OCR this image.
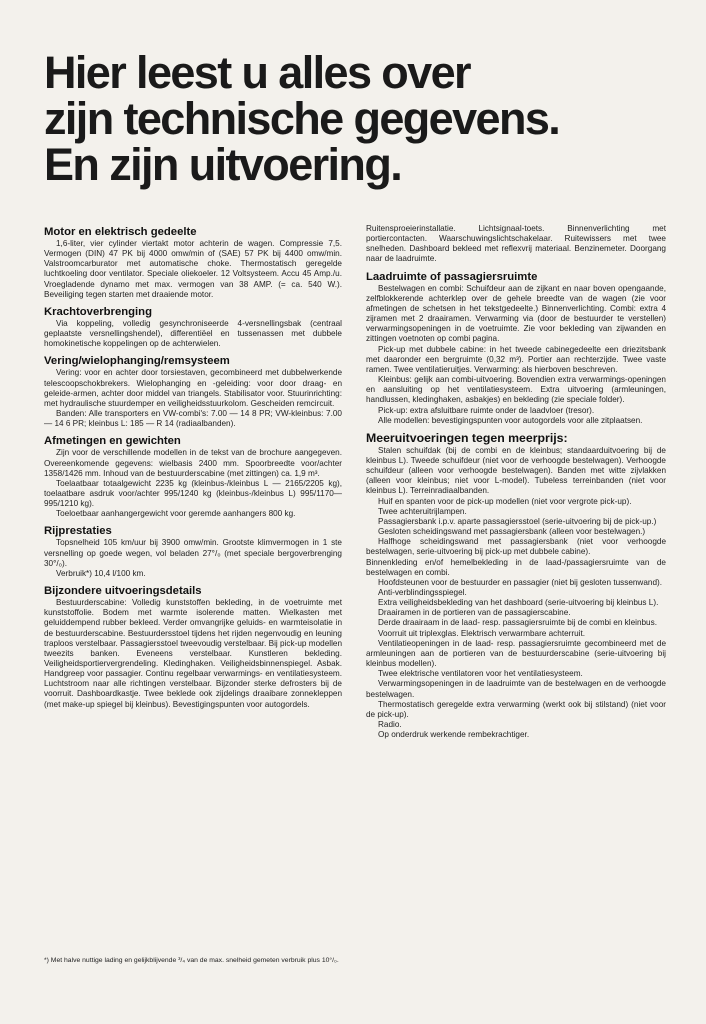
Hier leest u alles over
zijn technische gegevens.
En zijn uitvoering.
Motor en elektrisch gedeelte

1,6-liter, vier cylinder viertakt motor achterin de wagen. Compressie 7,5. Vermogen (DIN) 47 PK bij 4000 omw/min of (SAE) 57 PK bij 4400 omw/min. Valstroomcarburator met automatische choke. Thermostatisch geregelde luchtkoeling door ventilator. Speciale oliekoeler. 12 Voltsysteem. Accu 45 Amp./u. Vroegladende dynamo met max. vermogen van 38 AMP. (= ca. 540 W.). Beveiliging tegen starten met draaiende motor.

Krachtoverbrenging

Via koppeling, volledig gesynchroniseerde 4-versnellingsbak (centraal geplaatste versnellingshendel), differentiëel en tussenassen met dubbele homokinetische koppelingen op de achterwielen.

Vering/wielophanging/remsysteem

Vering: voor en achter door torsiestaven, gecombineerd met dubbelwerkende telescoopschokbrekers. Wielophanging en -geleiding: voor door draag- en geleide-armen, achter door middel van triangels. Stabilisator voor. Stuurinrichting: met hydraulische stuurdemper en veiligheidsstuurkolom. Gescheiden remcircuit.

Banden: Alle transporters en VW-combi's: 7.00 — 14 8 PR; VW-kleinbus: 7.00 — 14 6 PR; kleinbus L: 185 — R 14 (radiaalbanden).

Afmetingen en gewichten

Zijn voor de verschillende modellen in de tekst van de brochure aangegeven. Overeenkomende gegevens: wielbasis 2400 mm. Spoorbreedte voor/achter 1358/1426 mm. Inhoud van de bestuurderscabine (met zittingen) ca. 1,9 m³.

Toelaatbaar totaalgewicht 2235 kg (kleinbus-/kleinbus L — 2165/2205 kg), toelaatbare asdruk voor/achter 995/1240 kg (kleinbus-/kleinbus L) 995/1170—995/1210 kg).

Toeloetbaar aanhangergewicht voor geremde aanhangers 800 kg.

Rijprestaties

Topsnelheid 105 km/uur bij 3900 omw/min. Grootste klimvermogen in 1 ste versnelling op goede wegen, vol beladen 27°/₀ (met speciale bergoverbrenging 30°/₀).

Verbruik*) 10,4 l/100 km.

Bijzondere uitvoeringsdetails

Bestuurderscabine: Volledig kunststoffen bekleding, in de voetruimte met kunststoffolie. Bodem met warmte isolerende matten. Wielkasten met geluiddempend rubber bekleed. Verder omvangrijke geluids- en warmteisolatie in de bestuurderscabine. Bestuurdersstoel tijdens het rijden negenvoudig en leuning traploos verstelbaar. Passagiersstoel tweevoudig verstelbaar. Bij pick-up modellen tweezits banken. Eveneens verstelbaar. Kunstleren bekleding. Veiligheidsportiervergrendeling. Kledinghaken. Veiligheidsbinnenspiegel. Asbak. Handgreep voor passagier. Continu regelbaar verwarmings- en ventilatiesysteem. Luchtstroom naar alle richtingen verstelbaar. Bijzonder sterke defrosters bij de voorruit. Dashboardkastje. Twee beklede ook zijdelings draaibare zonnekleppen (met make-up spiegel bij kleinbus). Bevestigingspunten voor autogordels.

*) Met halve nuttige lading en gelijkblijvende ³/₄ van de max. snelheid gemeten verbruik plus 10°/₀.

Ruitensproeierinstallatie. Lichtsignaal-toets. Binnenverlichting met portiercontacten. Waarschuwingslichtschakelaar. Ruitewissers met twee snelheden. Dashboard bekleed met reflexvrij materiaal. Benzinemeter. Doorgang naar de laadruimte.

Laadruimte of passagiersruimte

Bestelwagen en combi: Schuifdeur aan de zijkant en naar boven opengaande, zelfblokkerende achterklep over de gehele breedte van de wagen (zie voor afmetingen de schetsen in het tekstgedeelte.) Binnenverlichting. Combi: extra 4 zijramen met 2 draairamen. Verwarming via (door de bestuurder te verstellen) verwarmingsopeningen in de voetruimte. Zie voor bekleding van zijwanden en zittingen voetnoten op combi pagina.

Pick-up met dubbele cabine: in het tweede cabinegedeelte een driezitsbank met daaronder een bergruimte (0,32 m³). Portier aan rechterzijde. Twee vaste ramen. Twee ventilatieruitjes. Verwarming: als hierboven beschreven.

Kleinbus: gelijk aan combi-uitvoering. Bovendien extra verwarmings-openingen en aansluiting op het ventilatiesysteem. Extra uitvoering (armleuningen, handlussen, kledinghaken, asbakjes) en bekleding (zie speciale folder).

Pick-up: extra afsluitbare ruimte onder de laadvloer (tresor).

Alle modellen: bevestigingspunten voor autogordels voor alle zitplaatsen.

Meeruitvoeringen tegen meerprijs:

Stalen schuifdak (bij de combi en de kleinbus; standaarduitvoering bij de kleinbus L). Tweede schuifdeur (niet voor de verhoogde bestelwagen). Verhoogde schuifdeur (alleen voor verhoogde bestelwagen). Banden met witte zijvlakken (alleen voor kleinbus; niet voor L-model). Tubeless terreinbanden (niet voor kleinbus L). Terreinradiaalbanden.

Huif en spanten voor de pick-up modellen (niet voor vergrote pick-up).

Twee achteruitrijlampen.

Passagiersbank i.p.v. aparte passagiersstoel (serie-uitvoering bij de pick-up.)

Gesloten scheidingswand met passagiersbank (alleen voor bestelwagen.)

Halfhoge scheidingswand met passagiersbank (niet voor verhoogde bestelwagen, serie-uitvoering bij pick-up met dubbele cabine).

Binnenkleding en/of hemelbekleding in de laad-/passagiersruimte van de bestelwagen en combi.

Hoofdsteunen voor de bestuurder en passagier (niet bij gesloten tussenwand).

Anti-verblindingsspiegel.

Extra veiligheidsbekleding van het dashboard (serie-uitvoering bij kleinbus L).

Draairamen in de portieren van de passagierscabine.

Derde draairaam in de laad- resp. passagiersruimte bij de combi en kleinbus.

Voorruit uit triplexglas. Elektrisch verwarmbare achterruit.

Ventilatieopeningen in de laad- resp. passagiersruimte gecombineerd met de armleuningen aan de portieren van de bestuurderscabine (serie-uitvoering bij kleinbus modellen).

Twee elektrische ventilatoren voor het ventilatiesysteem.

Verwarmingsopeningen in de laadruimte van de bestelwagen en de verhoogde bestelwagen.

Thermostatisch geregelde extra verwarming (werkt ook bij stilstand) (niet voor de pick-up).

Radio.

Op onderdruk werkende rembekrachtiger.
